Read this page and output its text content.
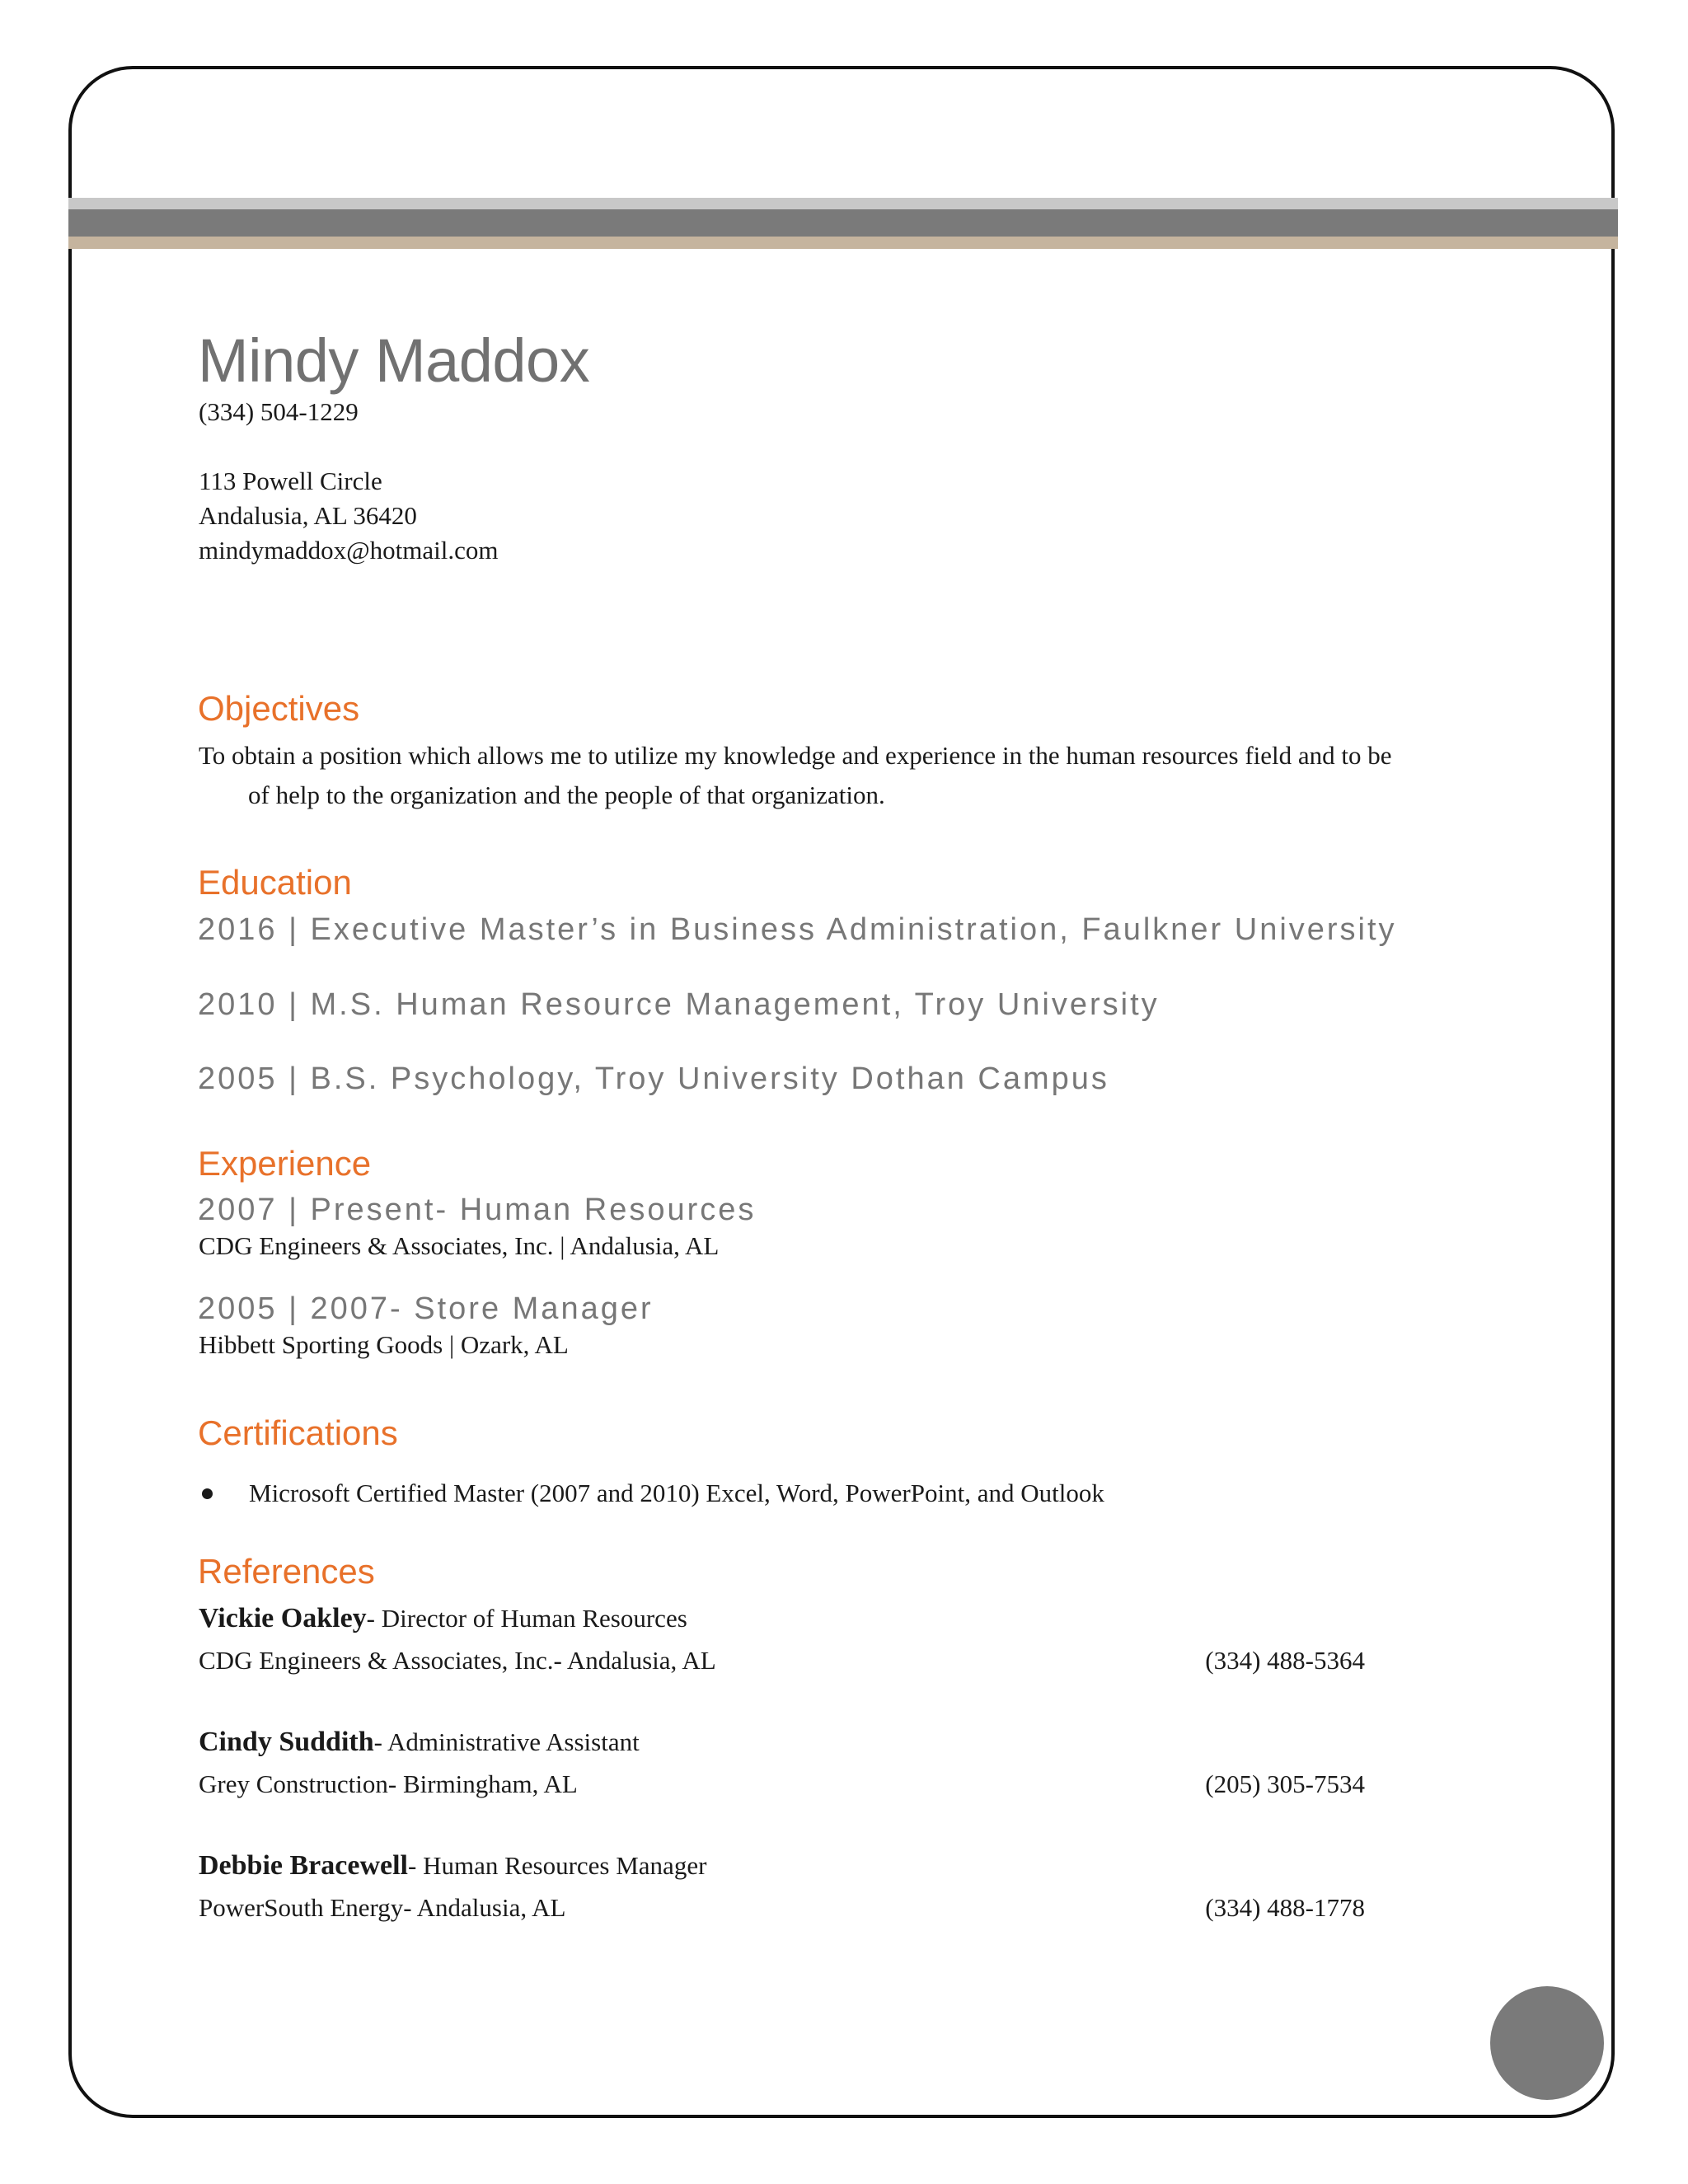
Mindy Maddox
(334) 504-1229
113 Powell Circle
Andalusia, AL 36420
mindymaddox@hotmail.com
Objectives
To obtain a position which allows me to utilize my knowledge and experience in the human resources field and to be
of help to the organization and the people of that organization.
Education
2016 | Executive Master’s in Business Administration, Faulkner University
2010 | M.S. Human Resource Management, Troy University
2005 | B.S. Psychology, Troy University Dothan Campus
Experience
2007 | Present- Human Resources
CDG Engineers & Associates, Inc. | Andalusia, AL
2005 | 2007- Store Manager
Hibbett Sporting Goods | Ozark, AL
Certifications
Microsoft Certified Master (2007 and 2010) Excel, Word, PowerPoint, and Outlook
References
Vickie Oakley- Director of Human Resources
CDG Engineers & Associates, Inc.- Andalusia, AL	(334) 488-5364
Cindy Suddith- Administrative Assistant
Grey Construction- Birmingham, AL	(205) 305-7534
Debbie Bracewell- Human Resources Manager
PowerSouth Energy- Andalusia, AL	(334) 488-1778
